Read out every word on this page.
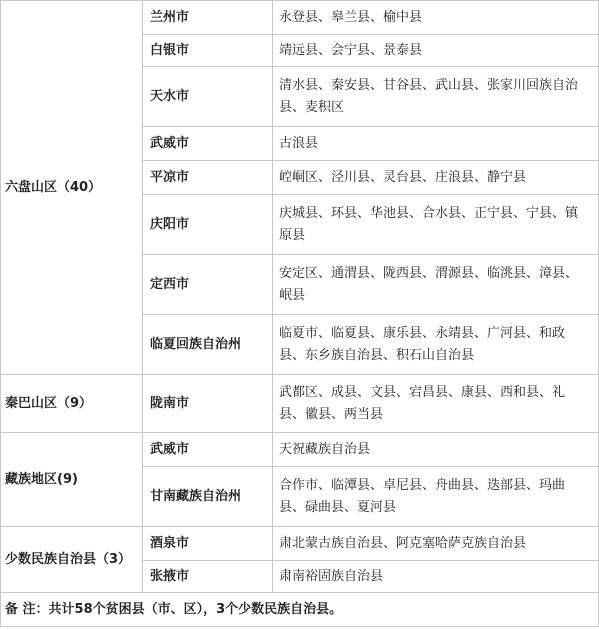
六盘山区（40）	兰州市	永登县、皋兰县、榆中县
	白银市	靖远县、会宁县、景泰县
	天水市	清水县、秦安县、甘谷县、武山县、张家川回族自治县、麦积区
	武威市	古浪县
	平凉市	崆峒区、泾川县、灵台县、庄浪县、静宁县
	庆阳市	庆城县、环县、华池县、合水县、正宁县、宁县、镇原县
	定西市	安定区、通渭县、陇西县、渭源县、临洮县、漳县、岷县
	临夏回族自治州	临夏市、临夏县、康乐县、永靖县、广河县、和政县、东乡族自治县、积石山自治县
秦巴山区（9）	陇南市	武都区、成县、文县、宕昌县、康县、西和县、礼县、徽县、两当县
藏族地区(9)	武威市	天祝藏族自治县
	甘南藏族自治州	合作市、临潭县、卓尼县、舟曲县、迭部县、玛曲县、碌曲县、夏河县
少数民族自治县（3）	酒泉市	肃北蒙古族自治县、阿克塞哈萨克族自治县
	张掖市	肃南裕固族自治县
备 注：共计58个贫困县（市、区），3个少数民族自治县。		
